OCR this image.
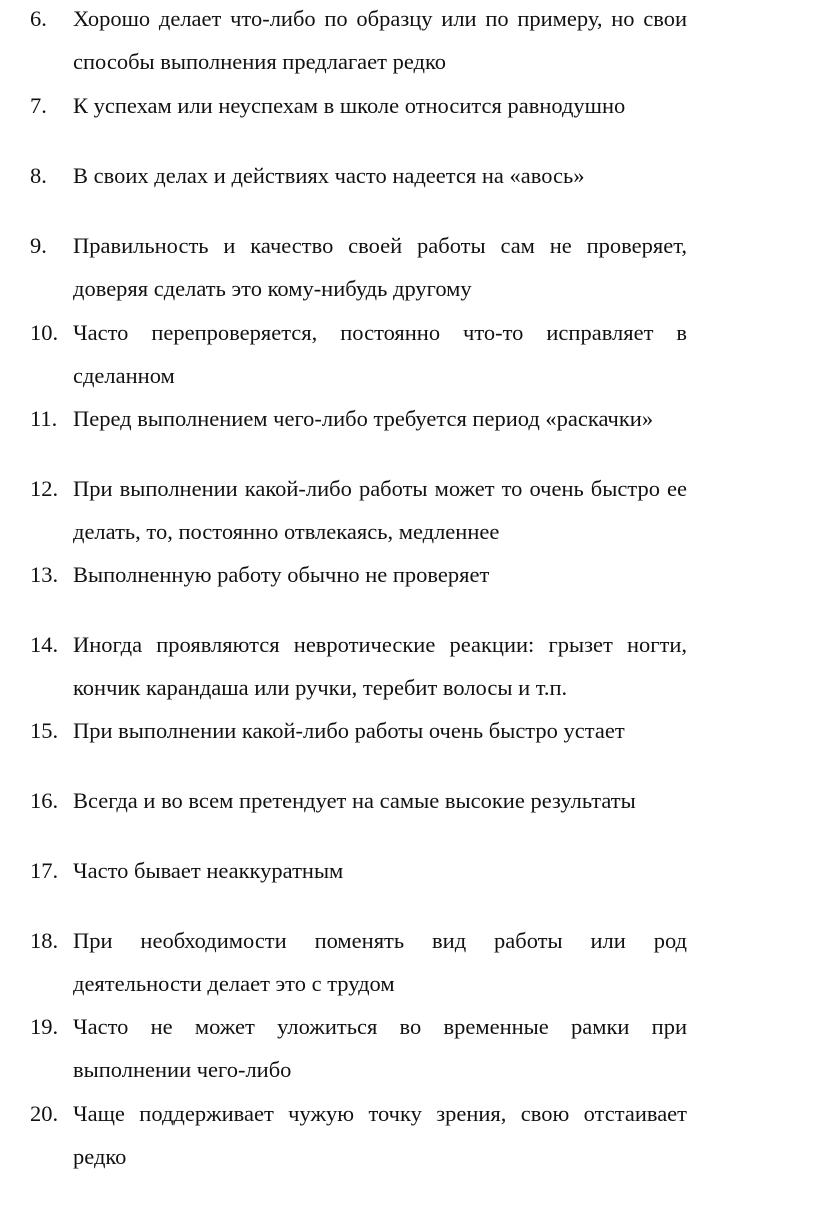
6.	Хорошо делает что-либо по образцу или по примеру, но свои способы выполнения предлагает редко
7.	К успехам или неуспехам в школе относится равнодушно
8.	В своих делах и действиях часто надеется на «авось»
9.	Правильность и качество своей работы сам не проверяет, доверяя сделать это кому-нибудь другому
10. Часто перепроверяется, постоянно что-то исправляет в сделанном
11. Перед выполнением чего-либо требуется период «раскачки»
12. При выполнении какой-либо работы может то очень быстро ее делать, то, постоянно отвлекаясь, медленнее
13. Выполненную работу обычно не проверяет
14. Иногда проявляются невротические реакции: грызет ногти, кончик карандаша или ручки, теребит волосы и т.п.
15. При выполнении какой-либо работы очень быстро устает
16. Всегда и во всем претендует на самые высокие результаты
17. Часто бывает неаккуратным
18. При необходимости поменять вид работы или род деятельности делает это с трудом
19. Часто не может уложиться во временные рамки при выполнении чего-либо
20. Чаще поддерживает чужую точку зрения, свою отстаивает редко
